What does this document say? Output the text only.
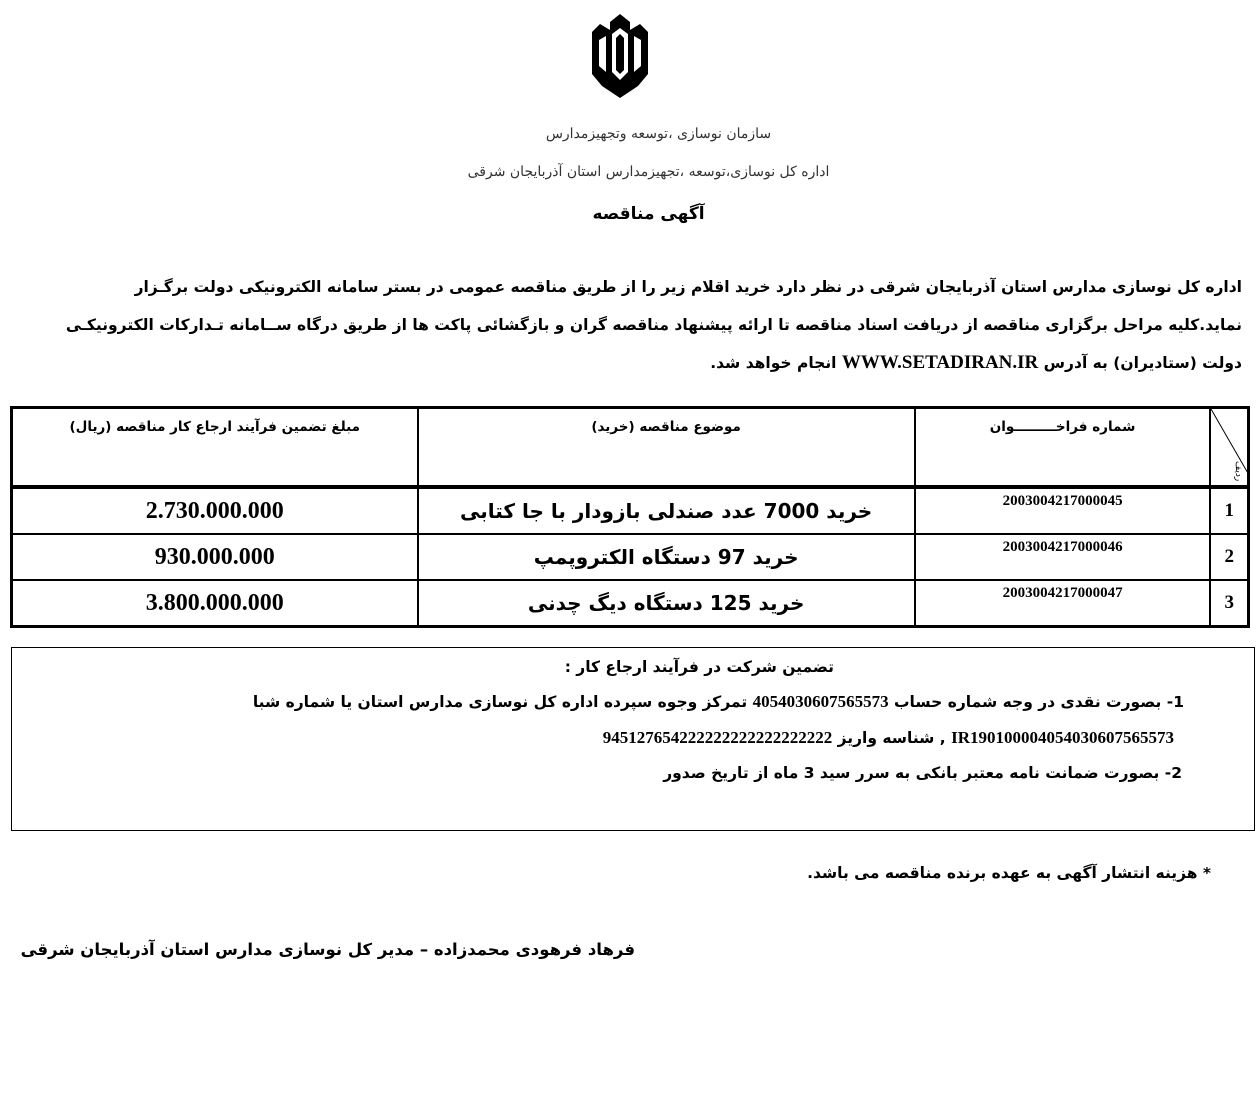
سازمان نوسازی ،توسعه وتجهیزمدارس
اداره کل نوسازی،توسعه ،تجهیزمدارس استان آذربایجان شرقی
آگهی مناقصه
اداره کل نوسازی مدارس استان آذربایجان شرقی در نظر دارد خرید اقلام زیر را از طریق مناقصه عمومی در بستر سامانه الکترونیکی دولت برگـزار
نماید.کلیه مراحل برگزاری مناقصه از دریافت اسناد مناقصه تا ارائه پیشنهاد مناقصه گران و بازگشائی پاکت ها از طریق درگاه ســامانه تـدارکات الکترونیکـی
دولت (ستادیران) به آدرس WWW.SETADIRAN.IR انجام خواهد شد.
ردیف	شماره فراخـــــــــوان	موضوع مناقصه (خرید)	مبلغ تضمین فرآیند ارجاع کار مناقصه (ریال)
1	2003004217000045	خرید 7000 عدد صندلی بازودار با جا کتابی	2.730.000.000
2	2003004217000046	خرید 97 دستگاه الکتروپمپ	930.000.000
3	2003004217000047	خرید 125 دستگاه دیگ چدنی	3.800.000.000
تضمین شرکت در فرآیند ارجاع کار :
1- بصورت نقدی در وجه شماره حساب 4054030607565573 تمرکز وجوه سپرده اداره کل نوسازی مدارس استان یا شماره شبا
IR190100004054030607565573 , شناسه واریز 945127654222222222222222222
2- بصورت ضمانت نامه معتبر بانکی به سرر سید 3 ماه از تاریخ صدور
* هزینه انتشار آگهی به عهده برنده مناقصه می باشد.
فرهاد فرهودی محمدزاده – مدیر کل نوسازی مدارس استان آذربایجان شرقی
